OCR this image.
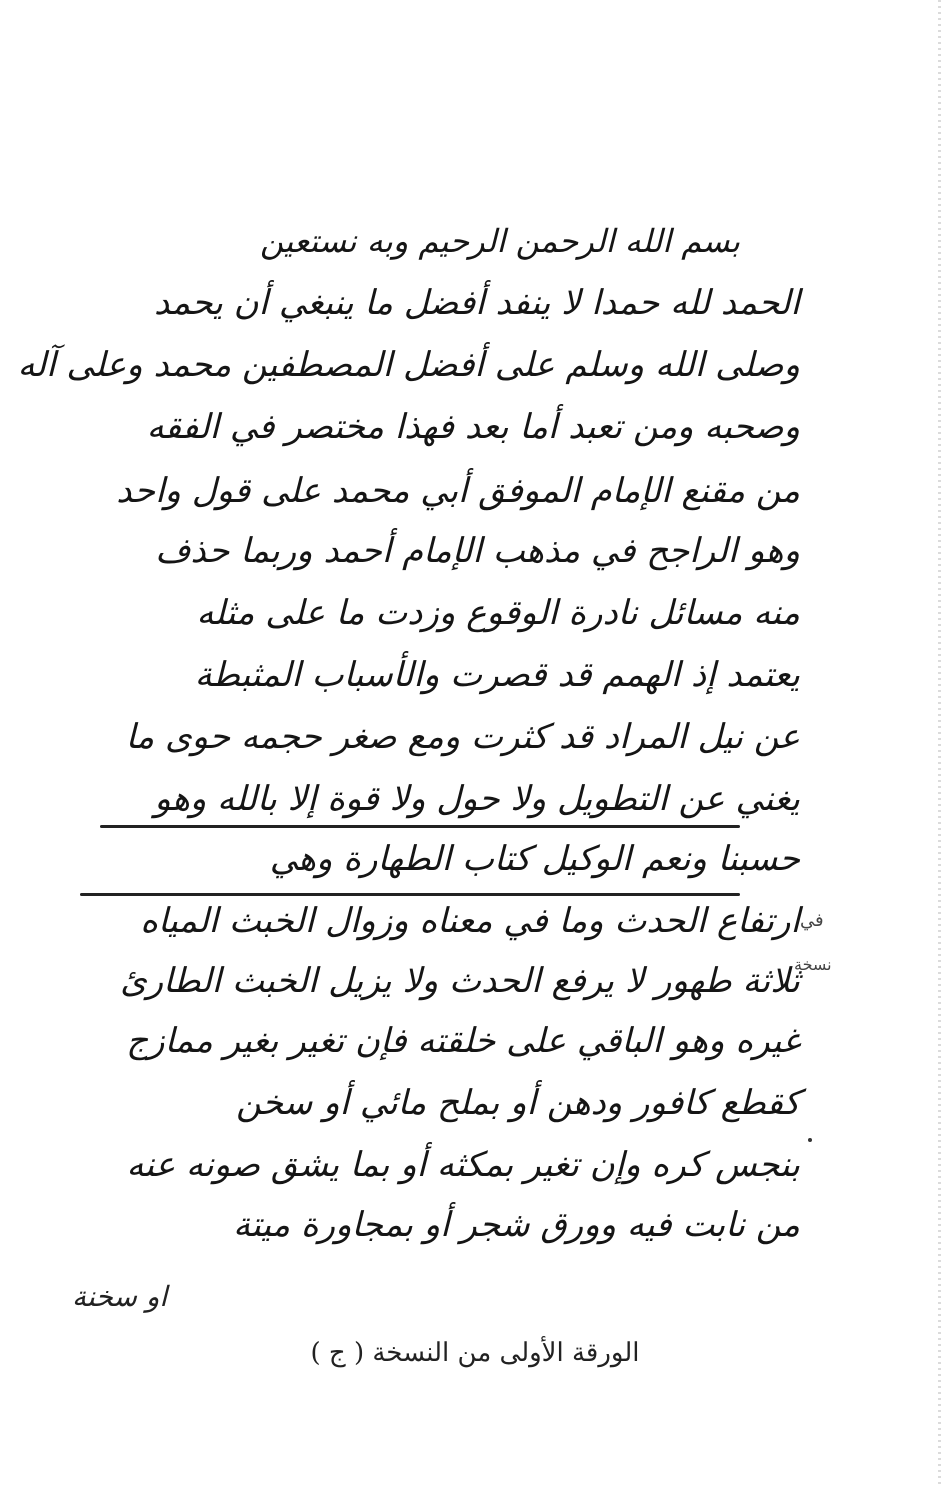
بسم الله الرحمن الرحيم وبه نستعين
الحمد لله حمدا لا ينفد أفضل ما ينبغي أن يحمد
وصلى الله وسلم على أفضل المصطفين محمد وعلى آله
وصحبه ومن تعبد أما بعد فهذا مختصر في الفقه
من مقنع الإمام الموفق أبي محمد على قول واحد
وهو الراجح في مذهب الإمام أحمد وربما حذف
منه مسائل نادرة الوقوع وزدت ما على مثله
يعتمد إذ الهمم قد قصرت والأسباب المثبطة
عن نيل المراد قد كثرت ومع صغر حجمه حوى ما
يغني عن التطويل ولا حول ولا قوة إلا بالله وهو
حسبنا ونعم الوكيل كتاب الطهارة وهي
ارتفاع الحدث وما في معناه وزوال الخبث المياه
ثلاثة طهور لا يرفع الحدث ولا يزيل الخبث الطارئ
غيره وهو الباقي على خلقته فإن تغير بغير ممازج
كقطع كافور ودهن أو بملح مائي أو سخن
بنجس كره وإن تغير بمكثه أو بما يشق صونه عنه
من نابت فيه وورق شجر أو بمجاورة ميتة
في
نسخة
او سخنة
الورقة الأولى من النسخة ( ج )
